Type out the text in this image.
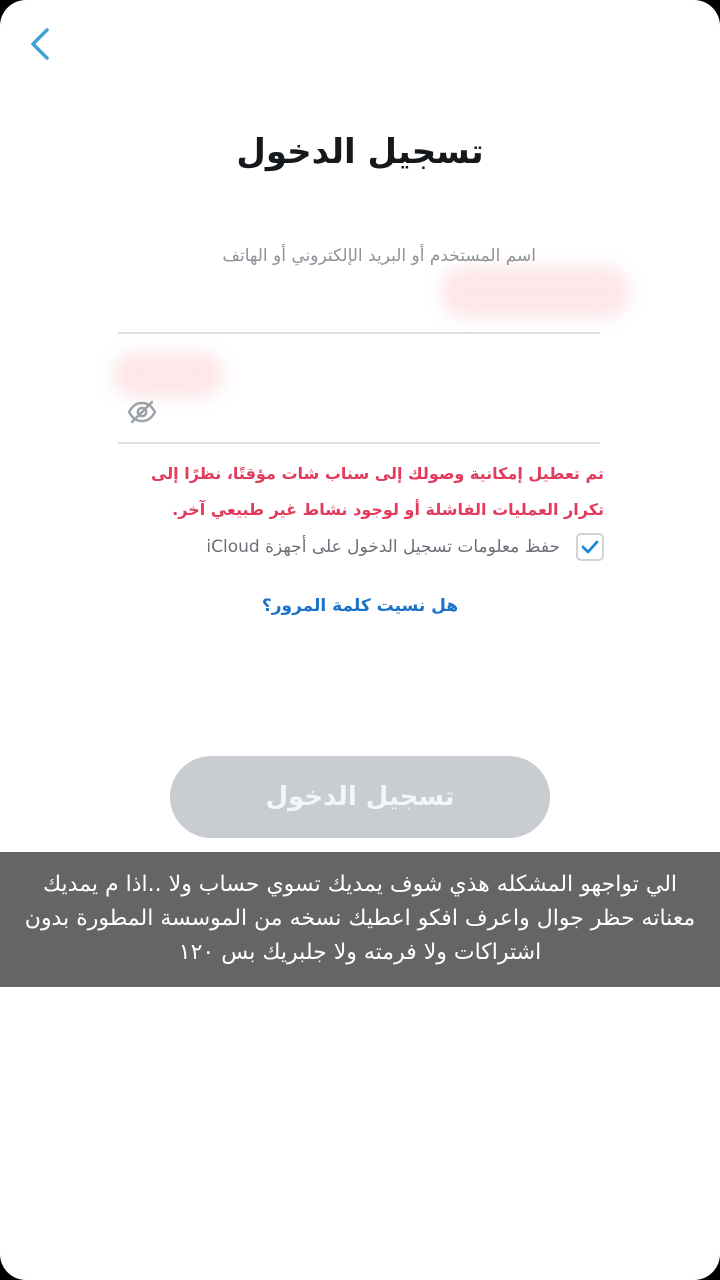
تسجيل الدخول
اسم المستخدم أو البريد الإلكتروني أو الهاتف
تم تعطيل إمكانية وصولك إلى سناب شات مؤقتًا، نظرًا إلى تكرار العمليات الفاشلة أو لوجود نشاط غير طبيعي آخر.
حفظ معلومات تسجيل الدخول على أجهزة iCloud
هل نسيت كلمة المرور؟
تسجيل الدخول
الي تواجهو المشكله هذي شوف يمديك تسوي حساب ولا ..اذا م يمديك معناته حظر جوال واعرف افكو اعطيك نسخه من الموسسة المطورة بدون اشتراكات ولا فرمته ولا جلبريك بس ١٢٠
